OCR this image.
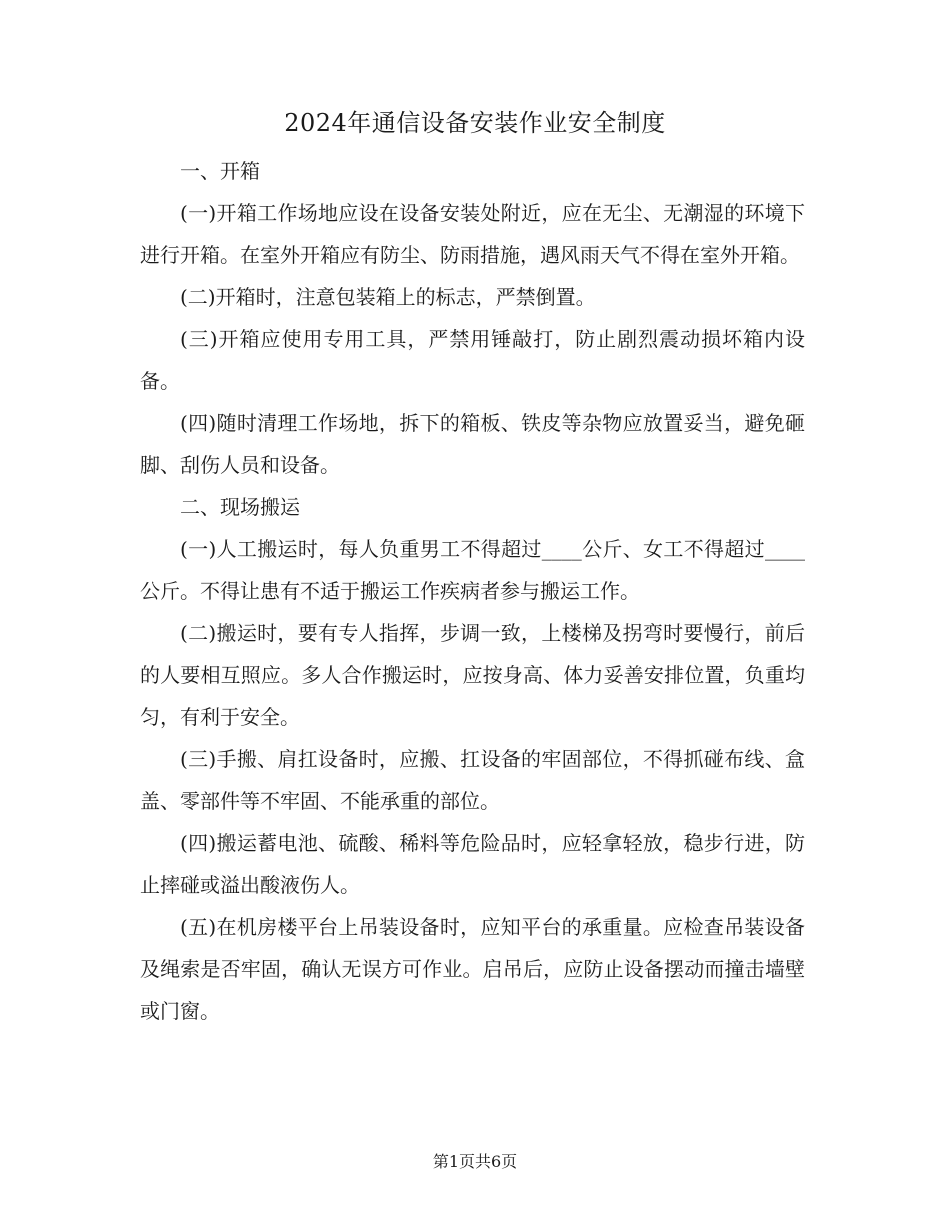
2024年通信设备安装作业安全制度

一、开箱

(一)开箱工作场地应设在设备安装处附近，应在无尘、无潮湿的环境下进行开箱。在室外开箱应有防尘、防雨措施，遇风雨天气不得在室外开箱。

(二)开箱时，注意包装箱上的标志，严禁倒置。

(三)开箱应使用专用工具，严禁用锤敲打，防止剧烈震动损坏箱内设备。

(四)随时清理工作场地，拆下的箱板、铁皮等杂物应放置妥当，避免砸脚、刮伤人员和设备。

二、现场搬运

(一)人工搬运时，每人负重男工不得超过____公斤、女工不得超过____公斤。不得让患有不适于搬运工作疾病者参与搬运工作。

(二)搬运时，要有专人指挥，步调一致，上楼梯及拐弯时要慢行，前后的人要相互照应。多人合作搬运时，应按身高、体力妥善安排位置，负重均匀，有利于安全。

(三)手搬、肩扛设备时，应搬、扛设备的牢固部位，不得抓碰布线、盒盖、零部件等不牢固、不能承重的部位。

(四)搬运蓄电池、硫酸、稀料等危险品时，应轻拿轻放，稳步行进，防止摔碰或溢出酸液伤人。

(五)在机房楼平台上吊装设备时，应知平台的承重量。应检查吊装设备及绳索是否牢固，确认无误方可作业。启吊后，应防止设备摆动而撞击墙壁或门窗。

第1页共6页
